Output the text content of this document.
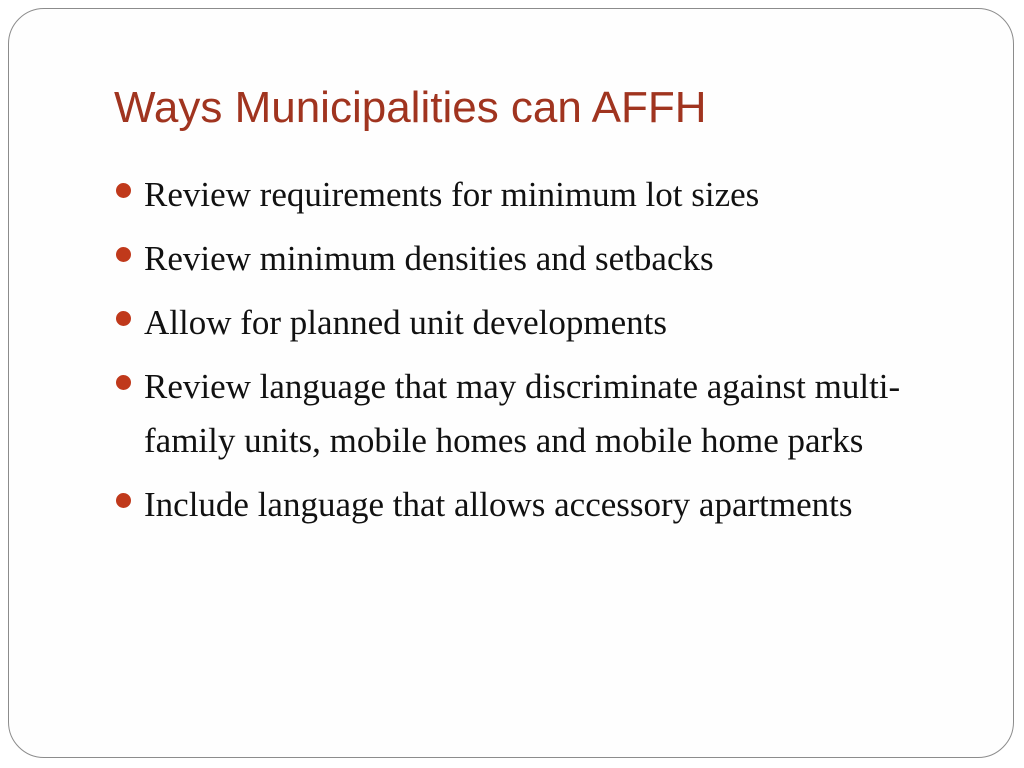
Ways Municipalities can AFFH
Review requirements for minimum lot sizes
Review minimum densities and setbacks
Allow for planned unit developments
Review language that may discriminate against multi-family units, mobile homes and mobile home parks
Include language that allows accessory apartments
